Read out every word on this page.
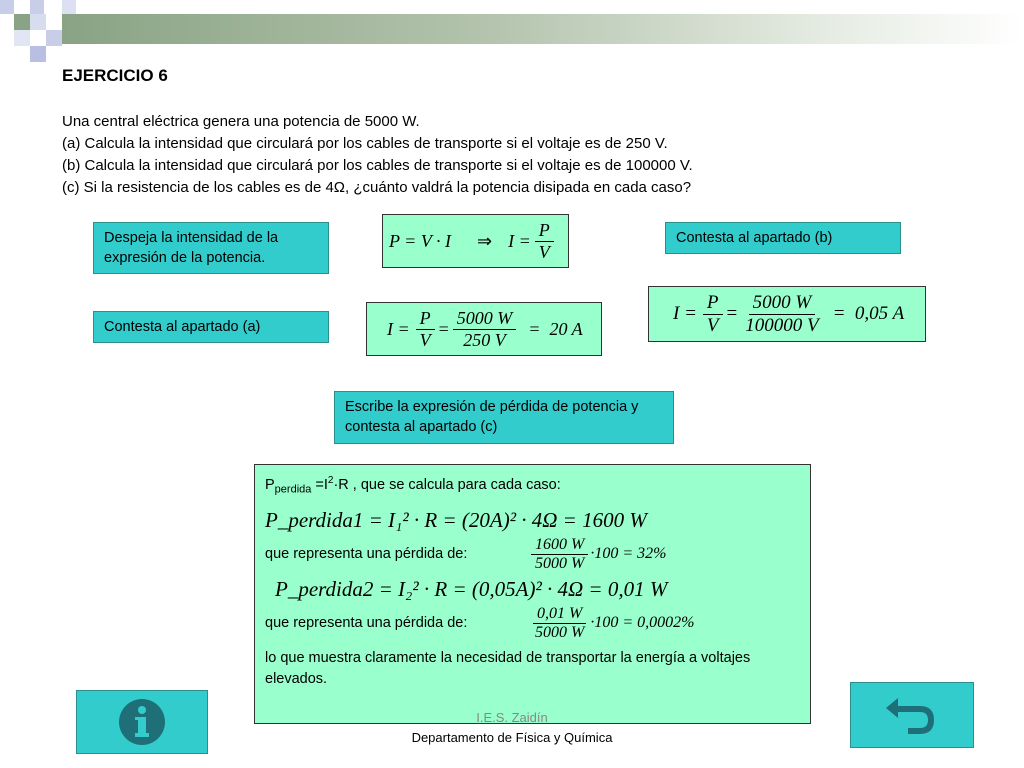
EJERCICIO 6
Una central eléctrica genera una potencia de 5000 W.
(a) Calcula la intensidad que circulará por los cables de transporte si el voltaje es de 250 V.
(b) Calcula la intensidad que circulará por los cables de transporte si el voltaje es de 100000 V.
(c) Si la resistencia de los cables es de 4Ω, ¿cuánto valdrá la potencia disipada en cada caso?
Despeja la intensidad de la expresión de la potencia.
Contesta al apartado (a)
Contesta al apartado (b)
Escribe la expresión de pérdida de potencia y contesta al apartado (c)
P = V · I ⇒ $I = \frac{P}{V}$
$I = \frac{P}{V} = \frac{5000 W}{250 V} = 20$ A
$I = \frac{P}{V} = \frac{5000 W}{100000 V} = 0,05$ A
$P_{perdida} =I^2\cdot R$ , que se calcula para cada caso:
P_perdida1 = I₁² · R = (20A)² · 4Ω = 1600 W
que representa una pérdida de:	$\frac{1600 W}{5000 W} \cdot 100 = 32\%$
P_perdida2 = I₂² · R = (0,05A)² · 4Ω = 0,01 W
que representa una pérdida de:	$\frac{0,01 W}{5000 W} \cdot 100 = 0,0002\%$
lo que muestra claramente la necesidad de transportar la energía a voltajes elevados.
I.E.S. Zaidín
Departamento de Física y Química
